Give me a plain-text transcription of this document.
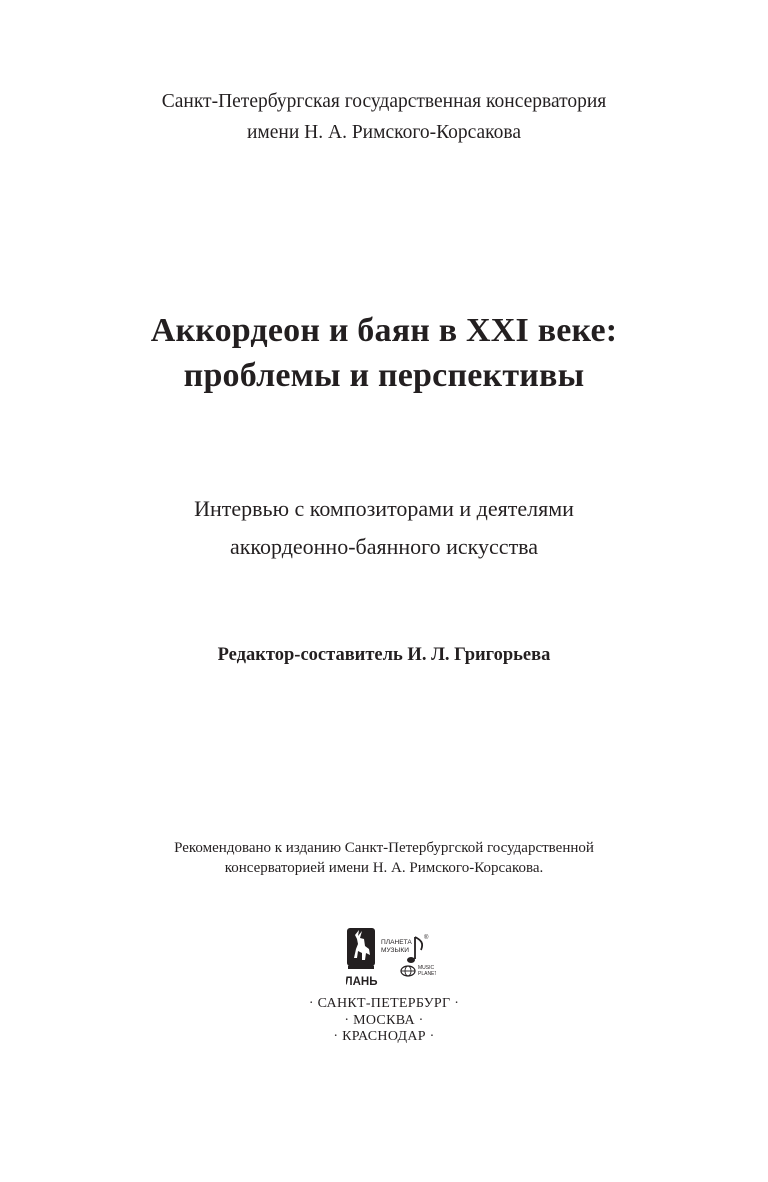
Санкт-Петербургская государственная консерватория
имени Н. А. Римского-Корсакова
Аккордеон и баян в XXI веке:
проблемы и перспективы
Интервью с композиторами и деятелями
аккордеонно-баянного искусства
Редактор-составитель И. Л. Григорьева
Рекомендовано к изданию Санкт-Петербургской государственной
консерваторией имени Н. А. Римского-Корсакова.
ЛАНЬ
ПЛАНЕТА
МУЗЫКИ
®
MUSIC
PLANET
· САНКТ-ПЕТЕРБУРГ ·
· МОСКВА ·
· КРАСНОДАР ·
